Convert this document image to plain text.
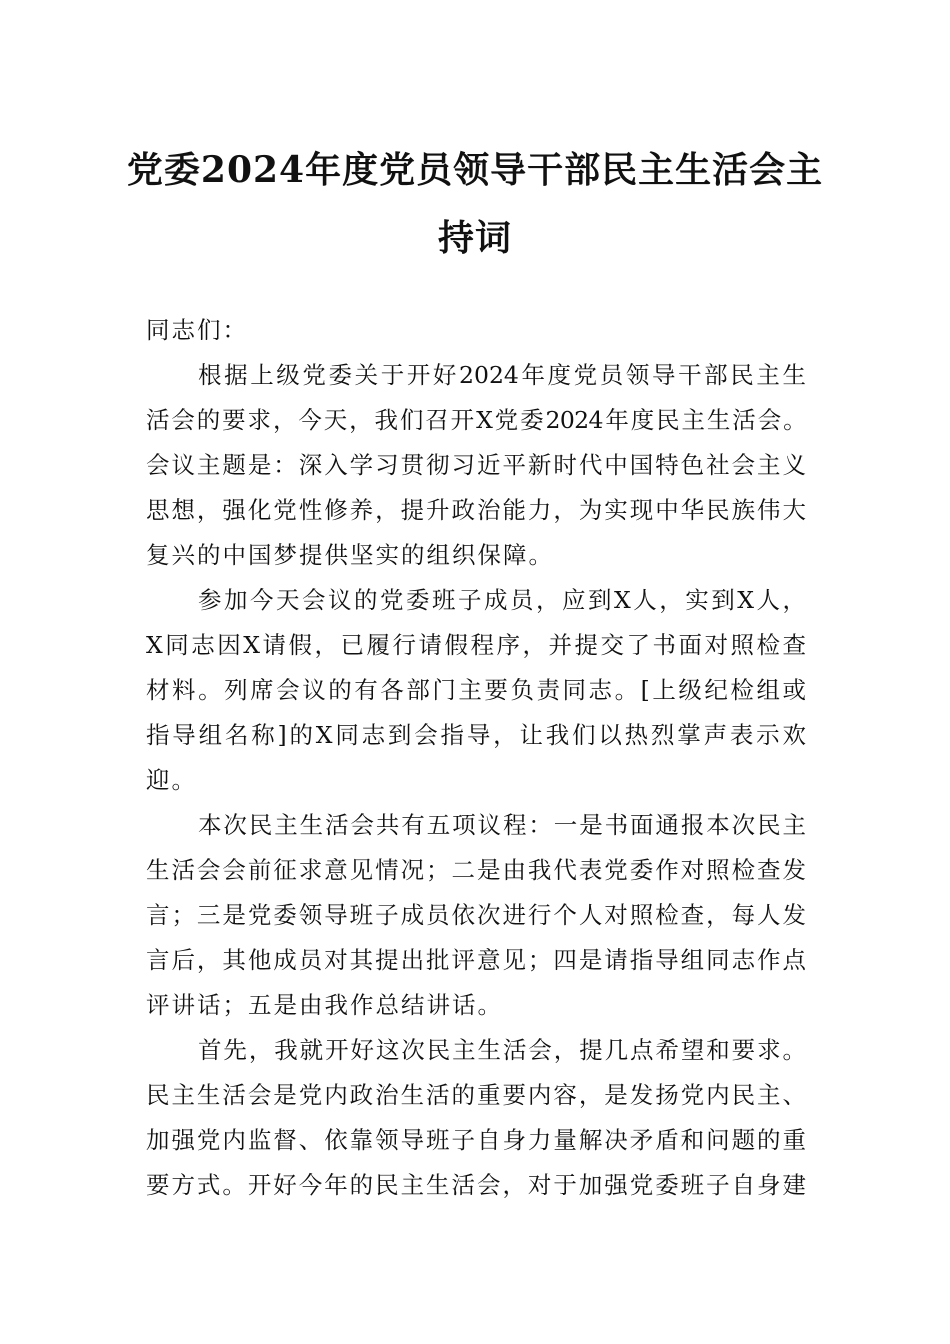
党委2024年度党员领导干部民主生活会主
持词
同志们：
根据上级党委关于开好2024年度党员领导干部民主生
活会的要求，今天，我们召开X党委2024年度民主生活会。
会议主题是：深入学习贯彻习近平新时代中国特色社会主义
思想，强化党性修养，提升政治能力，为实现中华民族伟大
复兴的中国梦提供坚实的组织保障。
参加今天会议的党委班子成员，应到X人，实到X人，
X同志因X请假，已履行请假程序，并提交了书面对照检查
材料。列席会议的有各部门主要负责同志。[上级纪检组或
指导组名称]的X同志到会指导，让我们以热烈掌声表示欢
迎。
本次民主生活会共有五项议程：一是书面通报本次民主
生活会会前征求意见情况；二是由我代表党委作对照检查发
言；三是党委领导班子成员依次进行个人对照检查，每人发
言后，其他成员对其提出批评意见；四是请指导组同志作点
评讲话；五是由我作总结讲话。
首先，我就开好这次民主生活会，提几点希望和要求。
民主生活会是党内政治生活的重要内容，是发扬党内民主、
加强党内监督、依靠领导班子自身力量解决矛盾和问题的重
要方式。开好今年的民主生活会，对于加强党委班子自身建
